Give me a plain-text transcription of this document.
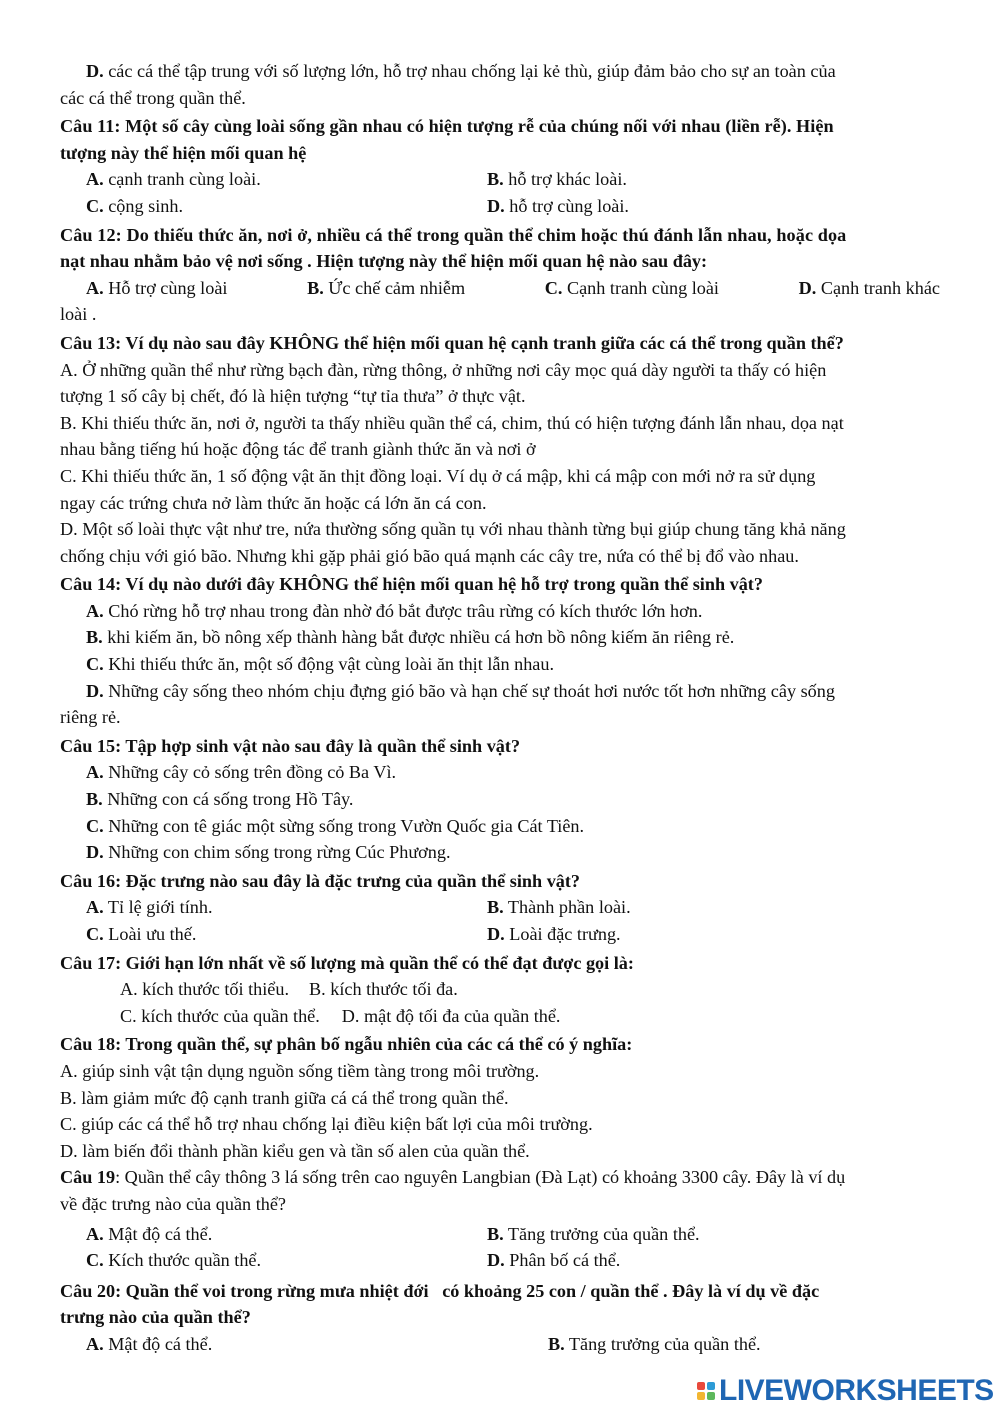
D. các cá thể tập trung với số lượng lớn, hỗ trợ nhau chống lại kẻ thù, giúp đảm bảo cho sự an toàn của
các cá thể trong quần thể.
Câu 11: Một số cây cùng loài sống gần nhau có hiện tượng rễ của chúng nối với nhau (liền rễ). Hiện
tượng này thể hiện mối quan hệ
A. cạnh tranh cùng loài.	B. hỗ trợ khác loài.
C. cộng sinh.	D. hỗ trợ cùng loài.
Câu 12: Do thiếu thức ăn, nơi ở, nhiều cá thể trong quần thể chim hoặc thú đánh lẫn nhau, hoặc dọa
nạt nhau nhằm bảo vệ nơi sống . Hiện tượng này thể hiện mối quan hệ nào sau đây:
A. Hỗ trợ cùng loài	B. Ức chế cảm nhiễm	C. Cạnh tranh cùng loài	D. Cạnh tranh khác
loài .
Câu 13: Ví dụ nào sau đây KHÔNG thể hiện mối quan hệ cạnh tranh giữa các cá thể trong quần thể?
A. Ở những quần thể như rừng bạch đàn, rừng thông, ở những nơi cây mọc quá dày người ta thấy có hiện
tượng 1 số cây bị chết, đó là hiện tượng “tự tỉa thưa” ở thực vật.
B. Khi thiếu thức ăn, nơi ở, người ta thấy nhiều quần thể cá, chim, thú có hiện tượng đánh lẫn nhau, dọa nạt
nhau bằng tiếng hú hoặc động tác để tranh giành thức ăn và nơi ở
C. Khi thiếu thức ăn, 1 số động vật ăn thịt đồng loại. Ví dụ ở cá mập, khi cá mập con mới nở ra sử dụng
ngay các trứng chưa nở làm thức ăn hoặc cá lớn ăn cá con.
D. Một số loài thực vật như tre, nứa thường sống quần tụ với nhau thành từng bụi giúp chung tăng khả năng
chống chịu với gió bão. Nhưng khi gặp phải gió bão quá mạnh các cây tre, nứa có thể bị đổ vào nhau.
Câu 14: Ví dụ nào dưới đây KHÔNG thể hiện mối quan hệ hỗ trợ trong quần thể sinh vật?
A. Chó rừng hỗ trợ nhau trong đàn nhờ đó bắt được trâu rừng có kích thước lớn hơn.
B. khi kiếm ăn, bồ nông xếp thành hàng bắt được nhiều cá hơn bồ nông kiếm ăn riêng rẻ.
C. Khi thiếu thức ăn, một số động vật cùng loài ăn thịt lẫn nhau.
D. Những cây sống theo nhóm chịu đựng gió bão và hạn chế sự thoát hơi nước tốt hơn những cây sống
riêng rẻ.
Câu 15: Tập hợp sinh vật nào sau đây là quần thể sinh vật?
A. Những cây cỏ sống trên đồng cỏ Ba Vì.
B. Những con cá sống trong Hồ Tây.
C. Những con tê giác một sừng sống trong Vườn Quốc gia Cát Tiên.
D. Những con chim sống trong rừng Cúc Phương.
Câu 16: Đặc trưng nào sau đây là đặc trưng của quần thể sinh vật?
A. Tỉ lệ giới tính.	B. Thành phần loài.
C. Loài ưu thế.	D. Loài đặc trưng.
Câu 17: Giới hạn lớn nhất về số lượng mà quần thể có thể đạt được gọi là:
A. kích thước tối thiểu. B. kích thước tối đa.
C. kích thước của quần thể. D. mật độ tối đa của quần thể.
Câu 18: Trong quần thể, sự phân bố ngẫu nhiên của các cá thể có ý nghĩa:
A. giúp sinh vật tận dụng nguồn sống tiềm tàng trong môi trường.
B. làm giảm mức độ cạnh tranh giữa cá cá thể trong quần thể.
C. giúp các cá thể hỗ trợ nhau chống lại điều kiện bất lợi của môi trường.
D. làm biến đổi thành phần kiểu gen và tần số alen của quần thể.
Câu 19: Quần thể cây thông 3 lá sống trên cao nguyên Langbian (Đà Lạt) có khoảng 3300 cây. Đây là ví dụ
về đặc trưng nào của quần thể?
A. Mật độ cá thể.	B. Tăng trưởng của quần thể.
C. Kích thước quần thể.	D. Phân bố cá thể.
Câu 20: Quần thể voi trong rừng mưa nhiệt đới   có khoảng 25 con / quần thể . Đây là ví dụ về đặc
trưng nào của quần thể?
A. Mật độ cá thể.	B. Tăng trưởng của quần thể.
LIVEWORKSHEETS
